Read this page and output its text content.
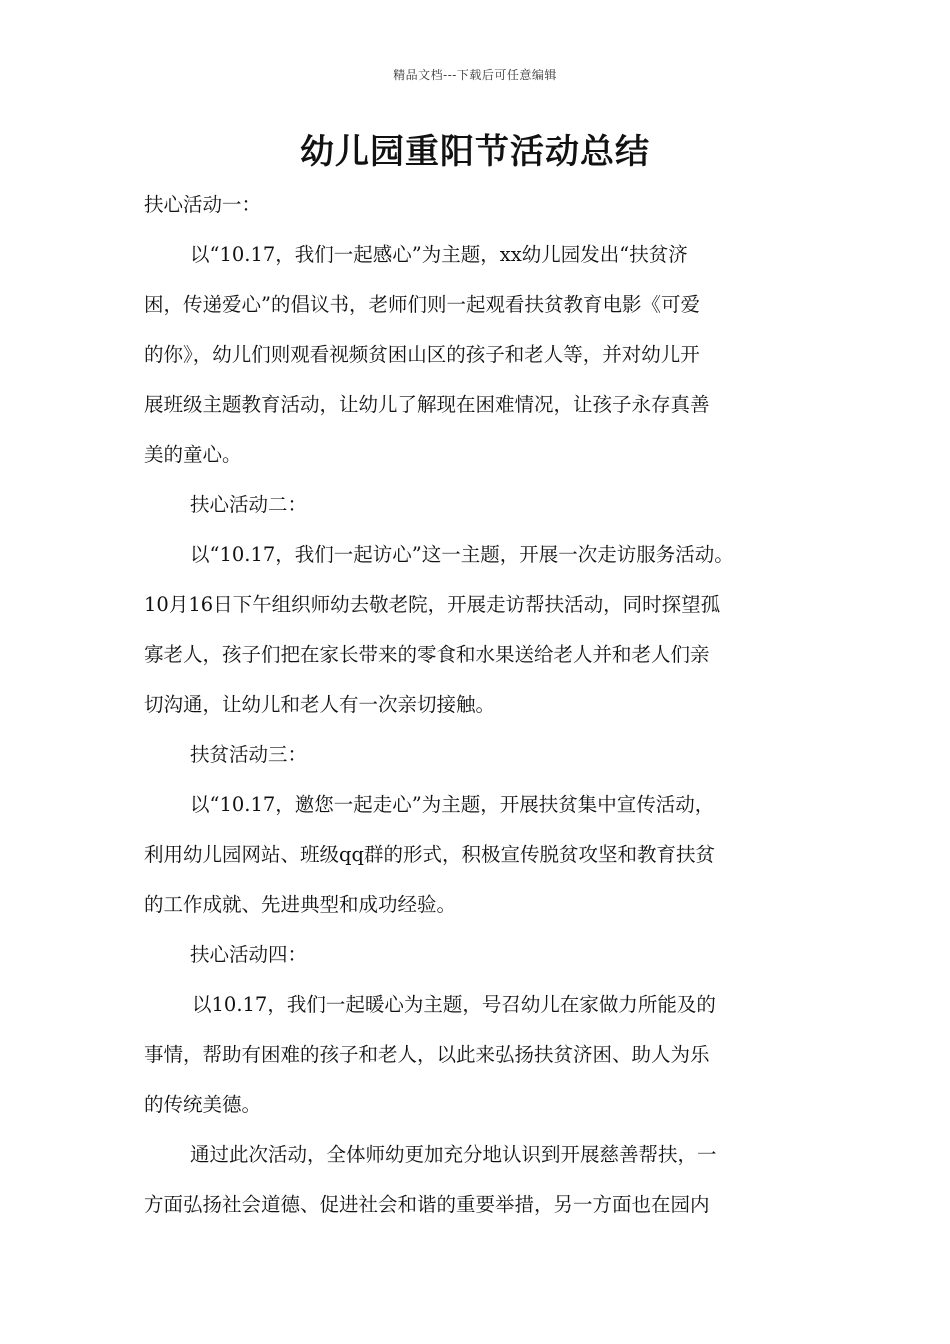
精品文档---下载后可任意编辑
幼儿园重阳节活动总结
扶心活动一：
以“10.17，我们一起感心”为主题，xx幼儿园发出“扶贫济
困，传递爱心”的倡议书，老师们则一起观看扶贫教育电影《可爱
的你》，幼儿们则观看视频贫困山区的孩子和老人等，并对幼儿开
展班级主题教育活动，让幼儿了解现在困难情况，让孩子永存真善
美的童心。
扶心活动二：
以“10.17，我们一起访心”这一主题，开展一次走访服务活动。
10月16日下午组织师幼去敬老院，开展走访帮扶活动，同时探望孤
寡老人，孩子们把在家长带来的零食和水果送给老人并和老人们亲
切沟通，让幼儿和老人有一次亲切接触。
扶贫活动三：
以“10.17，邀您一起走心”为主题，开展扶贫集中宣传活动，
利用幼儿园网站、班级qq群的形式，积极宣传脱贫攻坚和教育扶贫
的工作成就、先进典型和成功经验。
扶心活动四：
以10.17，我们一起暖心为主题，号召幼儿在家做力所能及的
事情，帮助有困难的孩子和老人，以此来弘扬扶贫济困、助人为乐
的传统美德。
通过此次活动，全体师幼更加充分地认识到开展慈善帮扶，一
方面弘扬社会道德、促进社会和谐的重要举措，另一方面也在园内
